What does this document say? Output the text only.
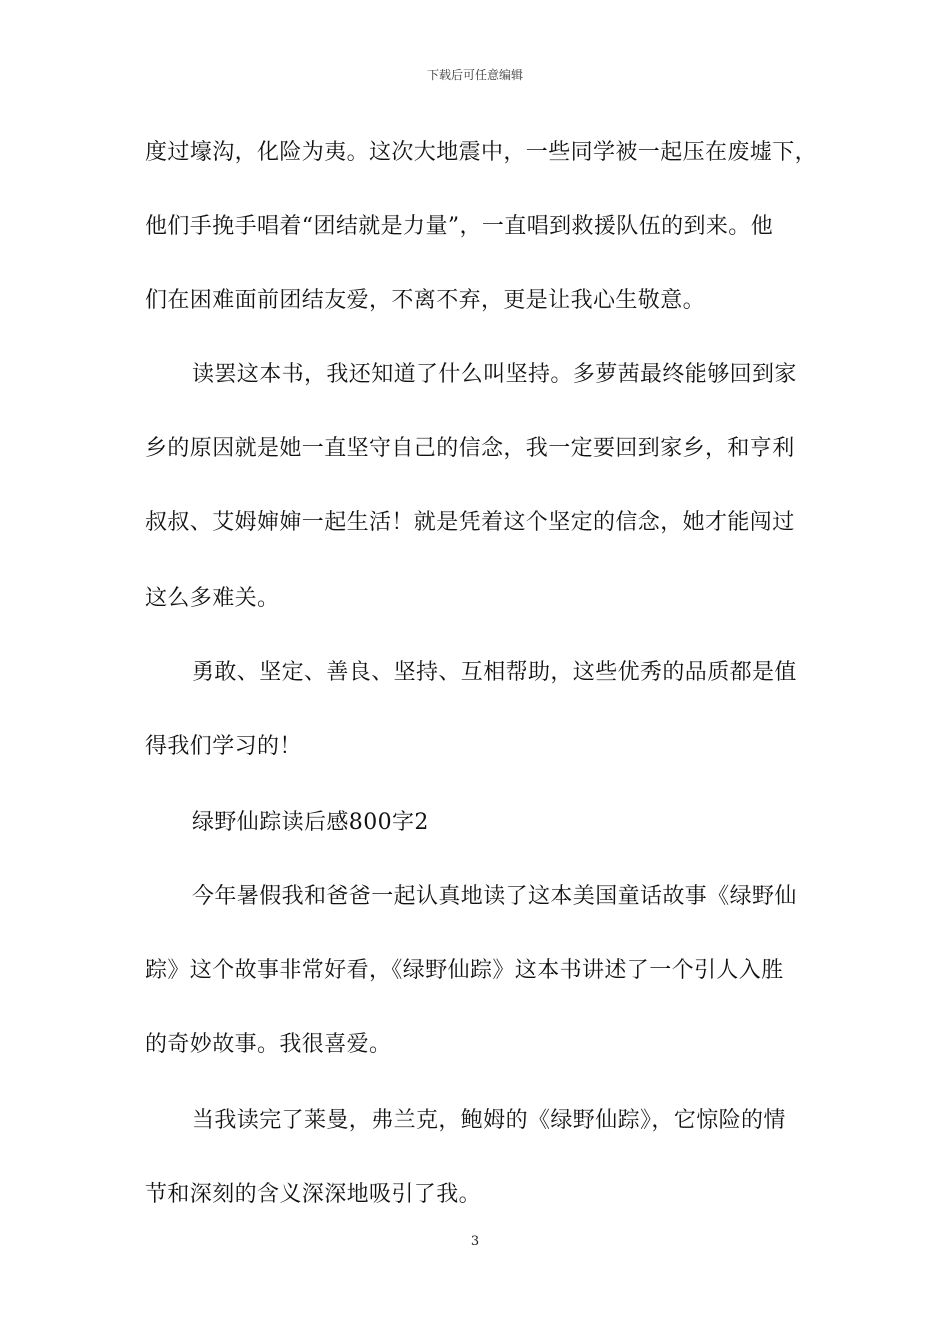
下载后可任意编辑
度过壕沟，化险为夷。这次大地震中，一些同学被一起压在废墟下，
他们手挽手唱着“团结就是力量”，一直唱到救援队伍的到来。他
们在困难面前团结友爱，不离不弃，更是让我心生敬意。
读罢这本书，我还知道了什么叫坚持。多萝茜最终能够回到家
乡的原因就是她一直坚守自己的信念，我一定要回到家乡，和亨利
叔叔、艾姆婶婶一起生活！就是凭着这个坚定的信念，她才能闯过
这么多难关。
勇敢、坚定、善良、坚持、互相帮助，这些优秀的品质都是值
得我们学习的！
绿野仙踪读后感800字2
今年暑假我和爸爸一起认真地读了这本美国童话故事《绿野仙
踪》这个故事非常好看，《绿野仙踪》这本书讲述了一个引人入胜
的奇妙故事。我很喜爱。
当我读完了莱曼，弗兰克，鲍姆的《绿野仙踪》，它惊险的情
节和深刻的含义深深地吸引了我。
3
